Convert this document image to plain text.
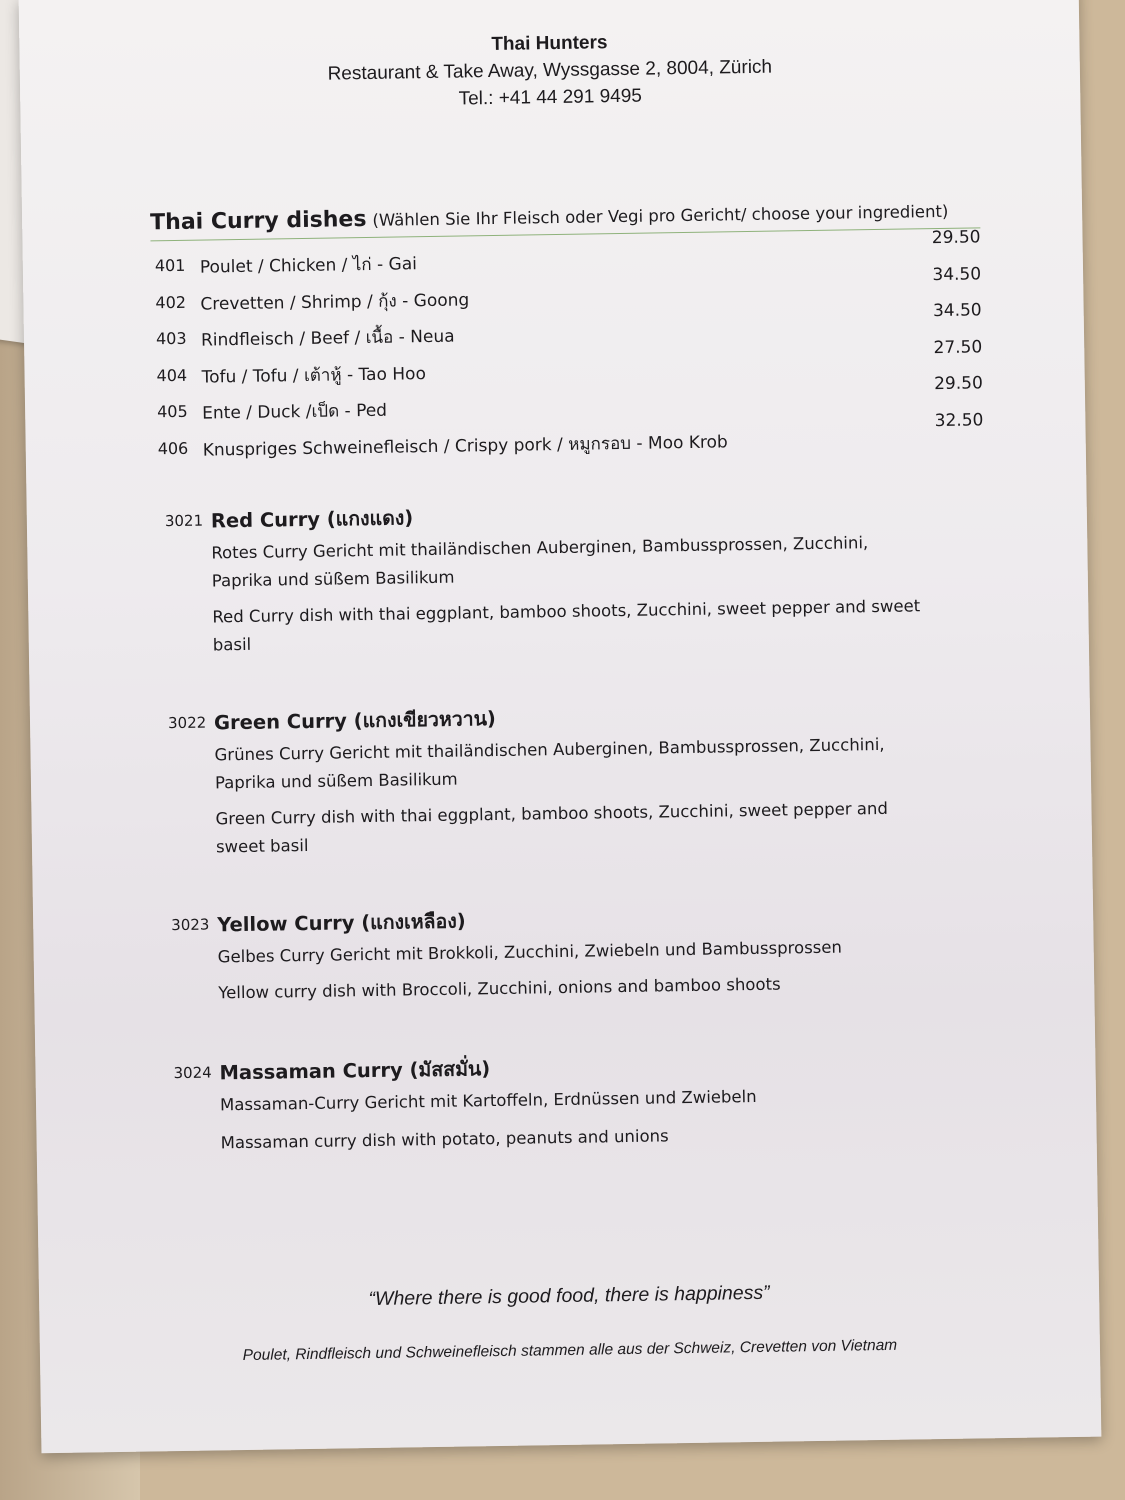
Thai Hunters
Restaurant & Take Away, Wyssgasse 2, 8004, Zürich
Tel.: +41 44 291 9495
Thai Curry dishes (Wählen Sie Ihr Fleisch oder Vegi pro Gericht/ choose your ingredient)
401 Poulet / Chicken / ไก่ - Gai
29.50
402 Crevetten / Shrimp / กุ้ง - Goong
34.50
403 Rindfleisch / Beef / เนื้อ - Neua
34.50
404 Tofu / Tofu / เต้าหู้ - Tao Hoo
27.50
405 Ente / Duck /เป็ด - Ped
29.50
406 Knuspriges Schweinefleisch / Crispy pork / หมูกรอบ - Moo Krob
32.50
3021 Red Curry (แกงแดง)
Rotes Curry Gericht mit thailändischen Auberginen, Bambussprossen, Zucchini, Paprika und süßem Basilikum
Red Curry dish with thai eggplant, bamboo shoots, Zucchini, sweet pepper and sweet basil
3022 Green Curry (แกงเขียวหวาน)
Grünes Curry Gericht mit thailändischen Auberginen, Bambussprossen, Zucchini, Paprika und süßem Basilikum
Green Curry dish with thai eggplant, bamboo shoots, Zucchini, sweet pepper and sweet basil
3023 Yellow Curry (แกงเหลือง)
Gelbes Curry Gericht mit Brokkoli, Zucchini, Zwiebeln und Bambussprossen
Yellow curry dish with Broccoli, Zucchini, onions and bamboo shoots
3024 Massaman Curry (มัสสมั่น)
Massaman-Curry Gericht mit Kartoffeln, Erdnüssen und Zwiebeln
Massaman curry dish with potato, peanuts and unions
“Where there is good food, there is happiness”
Poulet, Rindfleisch und Schweinefleisch stammen alle aus der Schweiz, Crevetten von Vietnam
